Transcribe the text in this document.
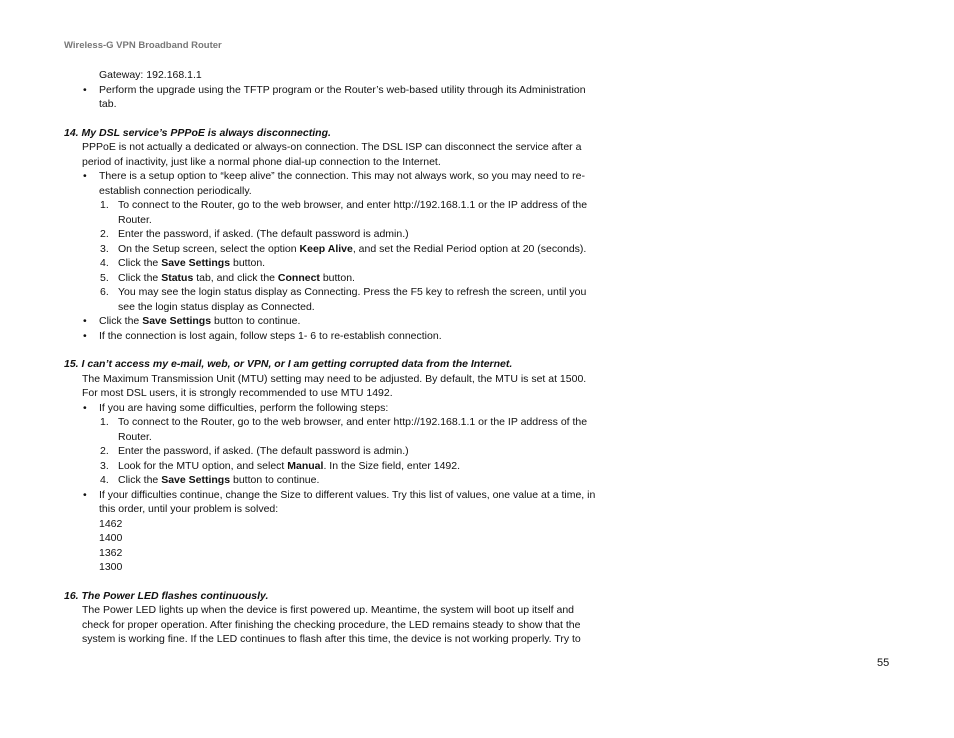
Wireless-G VPN Broadband Router
Gateway: 192.168.1.1
• Perform the upgrade using the TFTP program or the Router’s web-based utility through its Administration tab.
14. My DSL service’s PPPoE is always disconnecting.
PPPoE is not actually a dedicated or always-on connection. The DSL ISP can disconnect the service after a period of inactivity, just like a normal phone dial-up connection to the Internet.
• There is a setup option to “keep alive” the connection. This may not always work, so you may need to re-establish connection periodically.
1. To connect to the Router, go to the web browser, and enter http://192.168.1.1 or the IP address of the Router.
2. Enter the password, if asked. (The default password is admin.)
3. On the Setup screen, select the option Keep Alive, and set the Redial Period option at 20 (seconds).
4. Click the Save Settings button.
5. Click the Status tab, and click the Connect button.
6. You may see the login status display as Connecting. Press the F5 key to refresh the screen, until you see the login status display as Connected.
• Click the Save Settings button to continue.
• If the connection is lost again, follow steps 1- 6 to re-establish connection.
15. I can’t access my e-mail, web, or VPN, or I am getting corrupted data from the Internet.
The Maximum Transmission Unit (MTU) setting may need to be adjusted. By default, the MTU is set at 1500. For most DSL users, it is strongly recommended to use MTU 1492.
• If you are having some difficulties, perform the following steps:
1. To connect to the Router, go to the web browser, and enter http://192.168.1.1 or the IP address of the Router.
2. Enter the password, if asked. (The default password is admin.)
3. Look for the MTU option, and select Manual. In the Size field, enter 1492.
4. Click the Save Settings button to continue.
• If your difficulties continue, change the Size to different values. Try this list of values, one value at a time, in this order, until your problem is solved:
1462
1400
1362
1300
16. The Power LED flashes continuously.
The Power LED lights up when the device is first powered up. Meantime, the system will boot up itself and check for proper operation. After finishing the checking procedure, the LED remains steady to show that the system is working fine. If the LED continues to flash after this time, the device is not working properly. Try to
55
